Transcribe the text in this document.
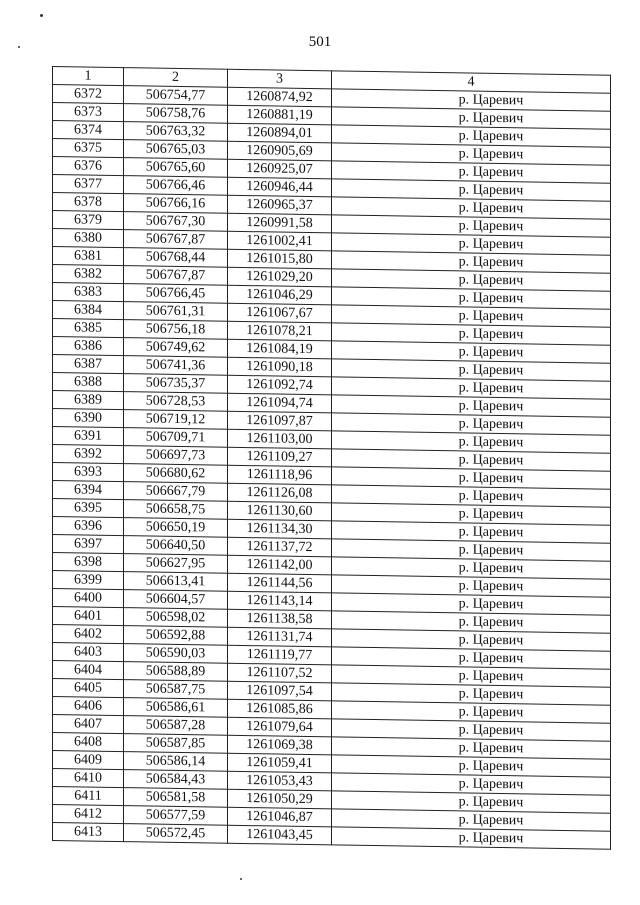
501
1	2	3	4
6372	506754,77	1260874,92	р. Царевич
6373	506758,76	1260881,19	р. Царевич
6374	506763,32	1260894,01	р. Царевич
6375	506765,03	1260905,69	р. Царевич
6376	506765,60	1260925,07	р. Царевич
6377	506766,46	1260946,44	р. Царевич
6378	506766,16	1260965,37	р. Царевич
6379	506767,30	1260991,58	р. Царевич
6380	506767,87	1261002,41	р. Царевич
6381	506768,44	1261015,80	р. Царевич
6382	506767,87	1261029,20	р. Царевич
6383	506766,45	1261046,29	р. Царевич
6384	506761,31	1261067,67	р. Царевич
6385	506756,18	1261078,21	р. Царевич
6386	506749,62	1261084,19	р. Царевич
6387	506741,36	1261090,18	р. Царевич
6388	506735,37	1261092,74	р. Царевич
6389	506728,53	1261094,74	р. Царевич
6390	506719,12	1261097,87	р. Царевич
6391	506709,71	1261103,00	р. Царевич
6392	506697,73	1261109,27	р. Царевич
6393	506680,62	1261118,96	р. Царевич
6394	506667,79	1261126,08	р. Царевич
6395	506658,75	1261130,60	р. Царевич
6396	506650,19	1261134,30	р. Царевич
6397	506640,50	1261137,72	р. Царевич
6398	506627,95	1261142,00	р. Царевич
6399	506613,41	1261144,56	р. Царевич
6400	506604,57	1261143,14	р. Царевич
6401	506598,02	1261138,58	р. Царевич
6402	506592,88	1261131,74	р. Царевич
6403	506590,03	1261119,77	р. Царевич
6404	506588,89	1261107,52	р. Царевич
6405	506587,75	1261097,54	р. Царевич
6406	506586,61	1261085,86	р. Царевич
6407	506587,28	1261079,64	р. Царевич
6408	506587,85	1261069,38	р. Царевич
6409	506586,14	1261059,41	р. Царевич
6410	506584,43	1261053,43	р. Царевич
6411	506581,58	1261050,29	р. Царевич
6412	506577,59	1261046,87	р. Царевич
6413	506572,45	1261043,45	р. Царевич
